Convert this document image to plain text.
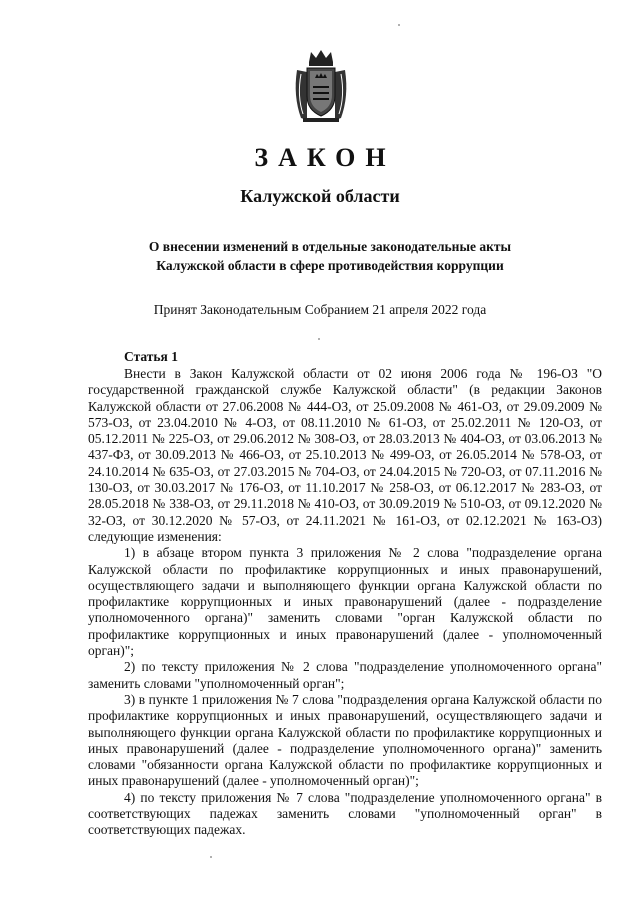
ЗАКОН
Калужской области
О внесении изменений в отдельные законодательные акты
Калужской области в сфере противодействия коррупции
Принят Законодательным Собранием 21 апреля 2022 года
Статья 1

Внести в Закон Калужской области от 02 июня 2006 года № 196-ОЗ "О государственной гражданской службе Калужской области" (в редакции Законов Калужской области от 27.06.2008 № 444-ОЗ, от 25.09.2008 № 461-ОЗ, от 29.09.2009 № 573-ОЗ, от 23.04.2010 № 4-ОЗ, от 08.11.2010 № 61-ОЗ, от 25.02.2011 № 120-ОЗ, от 05.12.2011 № 225-ОЗ, от 29.06.2012 № 308-ОЗ, от 28.03.2013 № 404-ОЗ, от 03.06.2013 № 437-ФЗ, от 30.09.2013 № 466-ОЗ, от 25.10.2013 № 499-ОЗ, от 26.05.2014 № 578-ОЗ, от 24.10.2014 № 635-ОЗ, от 27.03.2015 № 704-ОЗ, от 24.04.2015 № 720-ОЗ, от 07.11.2016 № 130-ОЗ, от 30.03.2017 № 176-ОЗ, от 11.10.2017 № 258-ОЗ, от 06.12.2017 № 283-ОЗ, от 28.05.2018 № 338-ОЗ, от 29.11.2018 № 410-ОЗ, от 30.09.2019 № 510-ОЗ, от 09.12.2020 № 32-ОЗ, от 30.12.2020 № 57-ОЗ, от 24.11.2021 № 161-ОЗ, от 02.12.2021 № 163-ОЗ) следующие изменения:

1) в абзаце втором пункта 3 приложения № 2 слова "подразделение органа Калужской области по профилактике коррупционных и иных правонарушений, осуществляющего задачи и выполняющего функции органа Калужской области по профилактике коррупционных и иных правонарушений (далее - подразделение уполномоченного органа)" заменить словами "орган Калужской области по профилактике коррупционных и иных правонарушений (далее - уполномоченный орган)";

2) по тексту приложения № 2 слова "подразделение уполномоченного органа" заменить словами "уполномоченный орган";

3) в пункте 1 приложения № 7 слова "подразделения органа Калужской области по профилактике коррупционных и иных правонарушений, осуществляющего задачи и выполняющего функции органа Калужской области по профилактике коррупционных и иных правонарушений (далее - подразделение уполномоченного органа)" заменить словами "обязанности органа Калужской области по профилактике коррупционных и иных правонарушений (далее - уполномоченный орган)";

4) по тексту приложения № 7 слова "подразделение уполномоченного органа" в соответствующих падежах заменить словами "уполномоченный орган" в соответствующих падежах.
